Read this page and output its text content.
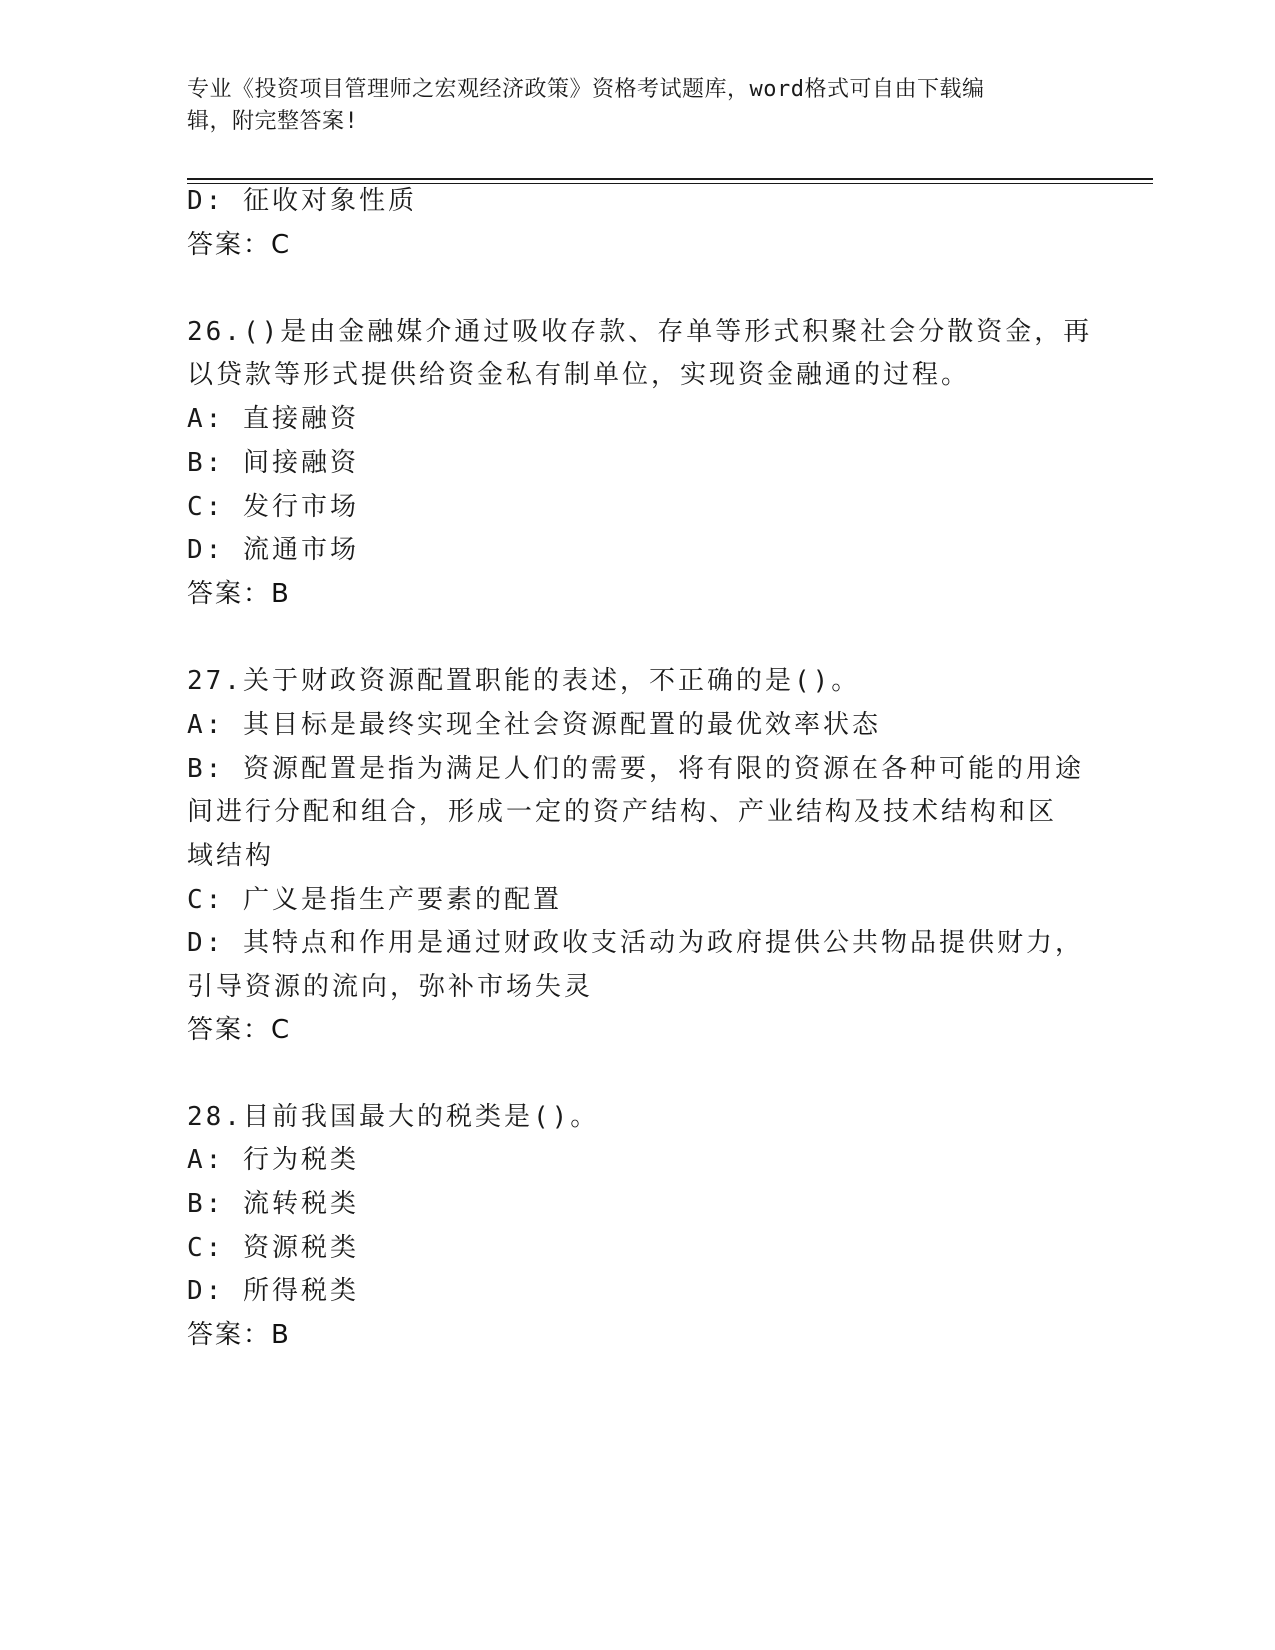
专业《投资项目管理师之宏观经济政策》资格考试题库，word格式可自由下载编
辑，附完整答案!
D: 征收对象性质
答案：C
26.()是由金融媒介通过吸收存款、存单等形式积聚社会分散资金，再
以贷款等形式提供给资金私有制单位，实现资金融通的过程。
A: 直接融资
B: 间接融资
C: 发行市场
D: 流通市场
答案：B
27.关于财政资源配置职能的表述，不正确的是()。
A: 其目标是最终实现全社会资源配置的最优效率状态
B: 资源配置是指为满足人们的需要，将有限的资源在各种可能的用途
间进行分配和组合，形成一定的资产结构、产业结构及技术结构和区
域结构
C: 广义是指生产要素的配置
D: 其特点和作用是通过财政收支活动为政府提供公共物品提供财力，
引导资源的流向，弥补市场失灵
答案：C
28.目前我国最大的税类是()。
A: 行为税类
B: 流转税类
C: 资源税类
D: 所得税类
答案：B
